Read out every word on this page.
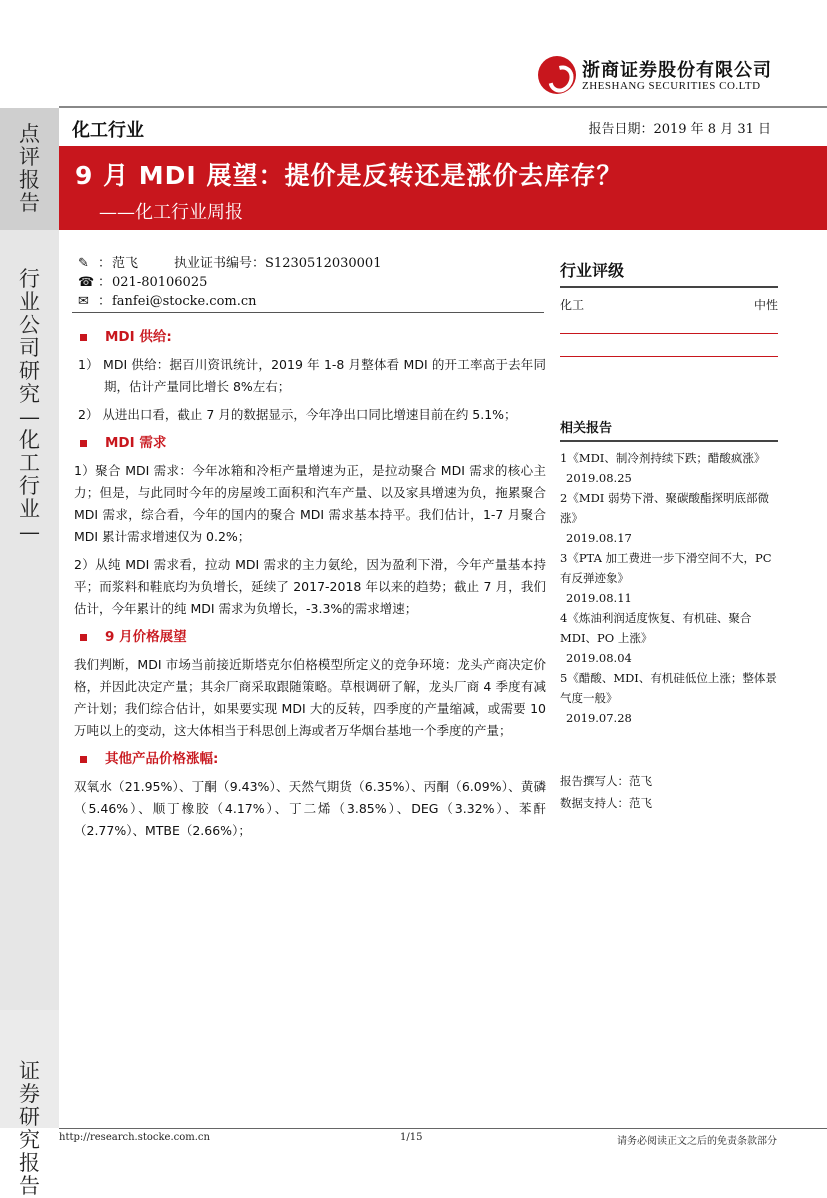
点
评
报
告
行
业
公
司
研
究
—
化
工
行
业
—
证
券
研
究
报
告
浙商证券股份有限公司
ZHESHANG SECURITIES CO.LTD
化工行业	报告日期：2019 年 8 月 31 日
9 月 MDI 展望：提价是反转还是涨价去库存？
——化工行业周报
✎ ： 范飞	执业证书编号： S1230512030001
☎ ： 021-80106025
✉ ： fanfei@stocke.com.cn
MDI 供给:

1） MDI 供给：据百川资讯统计，2019 年 1-8 月整体看 MDI 的开工率高于去年同期，估计产量同比增长 8%左右；

2） 从进出口看，截止 7 月的数据显示，今年净出口同比增速目前在约 5.1%；

MDI 需求

1）聚合 MDI 需求：今年冰箱和冷柜产量增速为正，是拉动聚合 MDI 需求的核心主力；但是，与此同时今年的房屋竣工面积和汽车产量、以及家具增速为负，拖累聚合 MDI 需求，综合看，今年的国内的聚合 MDI 需求基本持平。我们估计，1-7 月聚合 MDI 累计需求增速仅为 0.2%；

2）从纯 MDI 需求看，拉动 MDI 需求的主力氨纶，因为盈利下滑，今年产量基本持平；而浆料和鞋底均为负增长，延续了 2017-2018 年以来的趋势；截止 7 月，我们估计，今年累计的纯 MDI 需求为负增长，-3.3%的需求增速；

9 月价格展望

我们判断，MDI 市场当前接近斯塔克尔伯格模型所定义的竞争环境：龙头产商决定价格，并因此决定产量；其余厂商采取跟随策略。草根调研了解，龙头厂商 4 季度有减产计划；我们综合估计，如果要实现 MDI 大的反转，四季度的产量缩减，或需要 10 万吨以上的变动，这大体相当于科思创上海或者万华烟台基地一个季度的产量；

其他产品价格涨幅:

双氧水（21.95%）、丁酮（9.43%）、天然气期货（6.35%）、丙酮（6.09%）、黄磷（5.46%）、顺丁橡胶（4.17%）、丁二烯（3.85%）、DEG（3.32%）、苯酐（2.77%）、MTBE（2.66%）；

行业评级
化工	中性
相关报告
1《MDI、制冷剂持续下跌；醋酸疯涨》
2019.08.25
2《MDI 弱势下滑、聚碳酸酯探明底部微涨》
2019.08.17
3《PTA 加工费进一步下滑空间不大，PC 有反弹迹象》
2019.08.11
4《炼油利润适度恢复、有机硅、聚合 MDI、PO 上涨》
2019.08.04
5《醋酸、MDI、有机硅低位上涨；整体景气度一般》
2019.07.28
报告撰写人：范飞
数据支持人：范飞
http://research.stocke.com.cn	1/15	请务必阅读正文之后的免责条款部分
